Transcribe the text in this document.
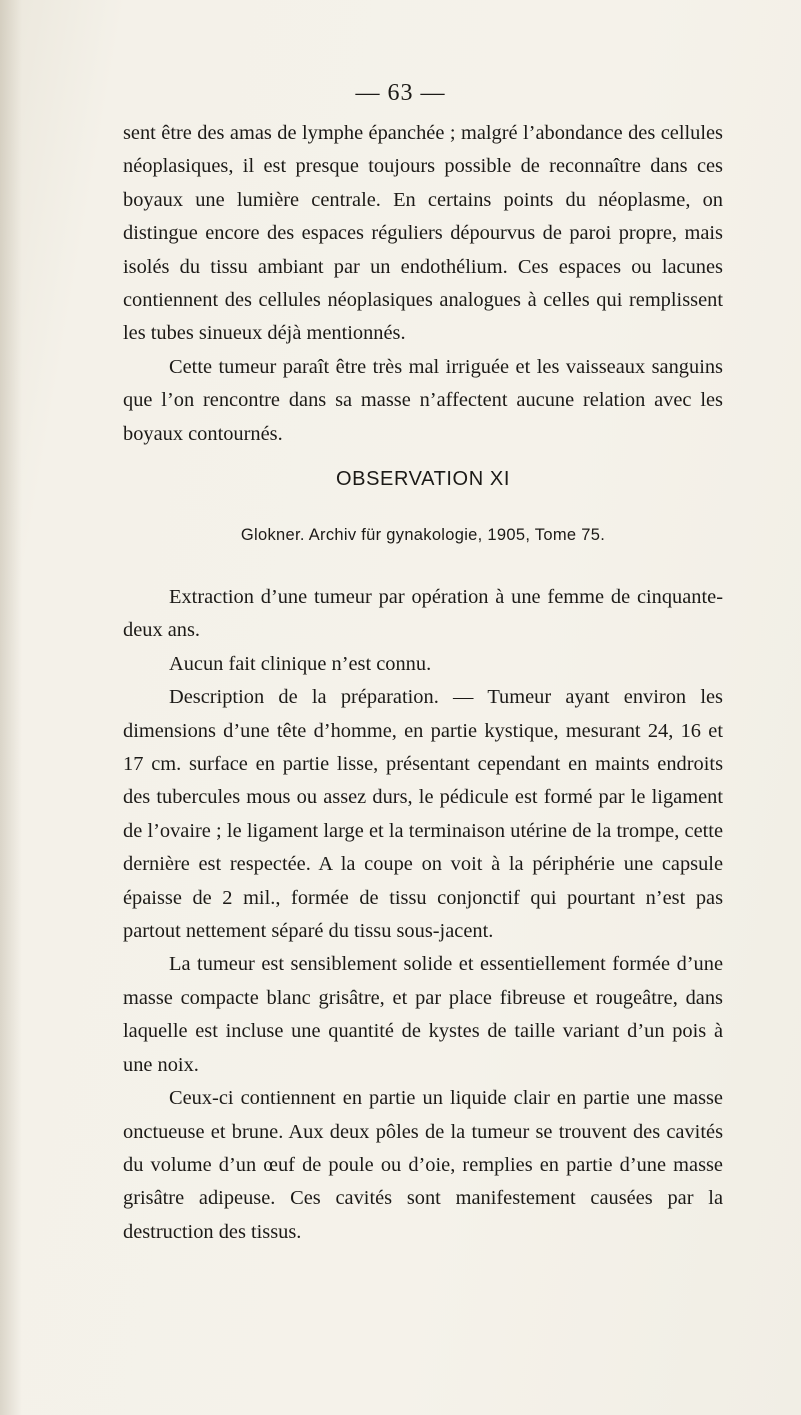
— 63 —

sent être des amas de lymphe épanchée ; malgré l’abondance des cellules néoplasiques, il est presque toujours possible de reconnaître dans ces boyaux une lumière centrale. En certains points du néoplasme, on distingue encore des espaces réguliers dépourvus de paroi propre, mais isolés du tissu ambiant par un endothélium. Ces espaces ou lacunes contiennent des cellules néoplasiques analogues à celles qui remplissent les tubes sinueux déjà mentionnés.

Cette tumeur paraît être très mal irriguée et les vaisseaux sanguins que l’on rencontre dans sa masse n’affectent aucune relation avec les boyaux contournés.

OBSERVATION XI
Glokner. Archiv für gynakologie, 1905, Tome 75.

Extraction d’une tumeur par opération à une femme de cinquante-deux ans.

Aucun fait clinique n’est connu.

Description de la préparation. — Tumeur ayant environ les dimensions d’une tête d’homme, en partie kystique, mesurant 24, 16 et 17 cm. surface en partie lisse, présentant cependant en maints endroits des tubercules mous ou assez durs, le pédicule est formé par le ligament de l’ovaire ; le ligament large et la terminaison utérine de la trompe, cette dernière est respectée. A la coupe on voit à la périphérie une capsule épaisse de 2 mil., formée de tissu conjonctif qui pourtant n’est pas partout nettement séparé du tissu sous-jacent.

La tumeur est sensiblement solide et essentiellement formée d’une masse compacte blanc grisâtre, et par place fibreuse et rougeâtre, dans laquelle est incluse une quantité de kystes de taille variant d’un pois à une noix.

Ceux-ci contiennent en partie un liquide clair en partie une masse onctueuse et brune. Aux deux pôles de la tumeur se trouvent des cavités du volume d’un œuf de poule ou d’oie, remplies en partie d’une masse grisâtre adipeuse. Ces cavités sont manifestement causées par la destruction des tissus.
